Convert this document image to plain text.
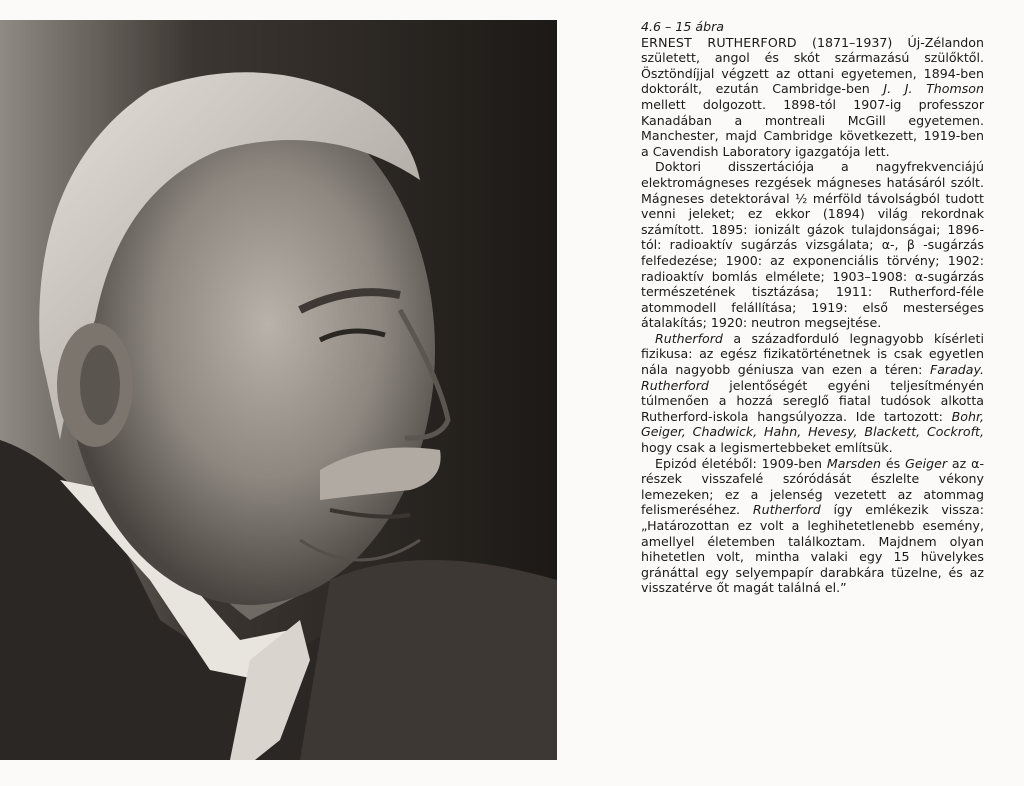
4.6 – 15 ábra

ERNEST RUTHERFORD (1871–1937) Új-Zélandon született, angol és skót származású szülőktől. Ösztöndíjjal végzett az ottani egyetemen, 1894-ben doktorált, ezután Cambridge-ben J. J. Thomson mellett dolgozott. 1898-tól 1907-ig professzor Kanadában a montreali McGill egyetemen. Manchester, majd Cambridge következett, 1919-ben a Cavendish Laboratory igazgatója lett.

Doktori disszertációja a nagyfrekvenciájú elektromágneses rezgések mágneses hatásáról szólt. Mágneses detektorával ½ mérföld távolságból tudott venni jeleket; ez ekkor (1894) világ rekordnak számított. 1895: ionizált gázok tulajdonságai; 1896-tól: radioaktív sugárzás vizsgálata; α-, β -sugárzás felfedezése; 1900: az exponenciális törvény; 1902: radioaktív bomlás elmélete; 1903–1908: α-sugárzás természetének tisztázása; 1911: Rutherford-féle atommodell felállítása; 1919: első mesterséges átalakítás; 1920: neutron megsejtése.

Rutherford a századforduló legnagyobb kísérleti fizikusa: az egész fizikatörténetnek is csak egyetlen nála nagyobb géniusza van ezen a téren: Faraday. Rutherford jelentőségét egyéni teljesítményén túlmenően a hozzá sereglő fiatal tudósok alkotta Rutherford-iskola hangsúlyozza. Ide tartozott: Bohr, Geiger, Chadwick, Hahn, Hevesy, Blackett, Cockroft, hogy csak a legismertebbeket említsük.

Epizód életéből: 1909-ben Marsden és Geiger az α-részek visszafelé szóródását észlelte vékony lemezeken; ez a jelenség vezetett az atommag felismeréséhez. Rutherford így emlékezik vissza: „Határozottan ez volt a leghihetetlenebb esemény, amellyel életemben találkoztam. Majdnem olyan hihetetlen volt, mintha valaki egy 15 hüvelykes gránáttal egy selyempapír darabkára tüzelne, és az visszatérve őt magát találná el.”
